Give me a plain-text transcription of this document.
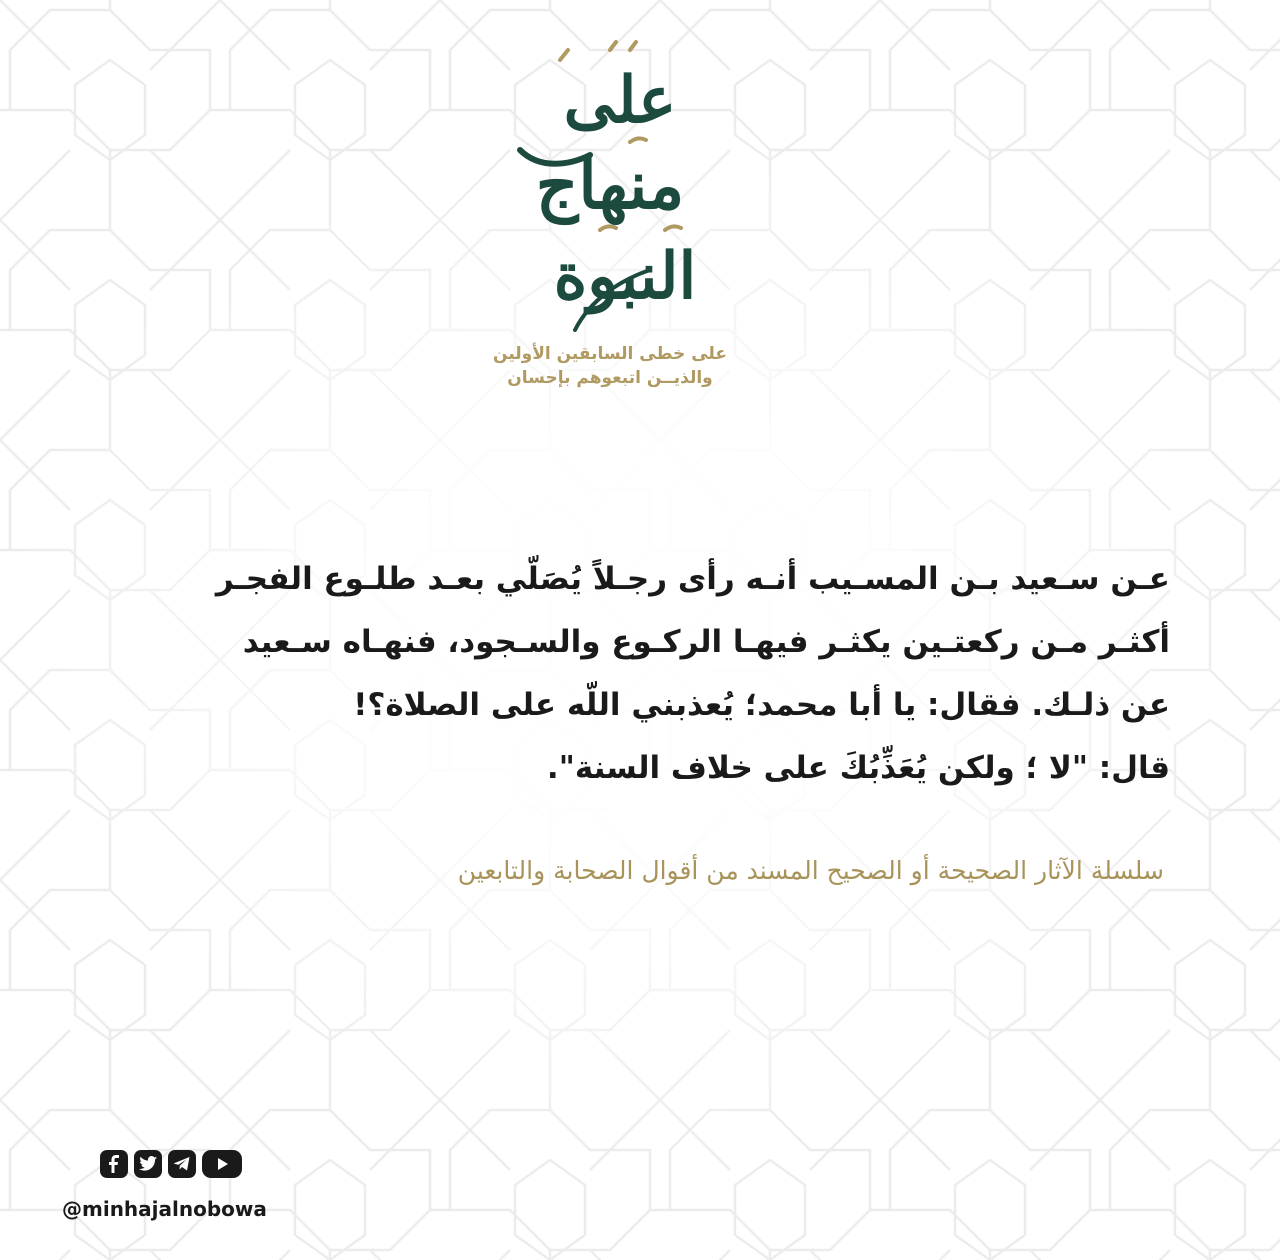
على
منهاج
النبوة
على خطى السابقين الأولين
والذيــن اتبعوهم بإحسان

عـن سـعيد بـن المسـيب أنـه رأى رجـلاً يُصَلّي بعـد طلـوع الفجـر

أكثـر مـن ركعتـين يكثـر فيهـا الركـوع والسـجود، فنهـاه سـعيد

عن ذلـك. فقال: يا أبا محمد؛ يُعذبني اللّه على الصلاة؟!

قال: "لا ؛ ولكن يُعَذِّبُكَ على خلاف السنة".

سلسلة الآثار الصحيحة أو الصحيح المسند من أقوال الصحابة والتابعين
@minhajalnobowa
